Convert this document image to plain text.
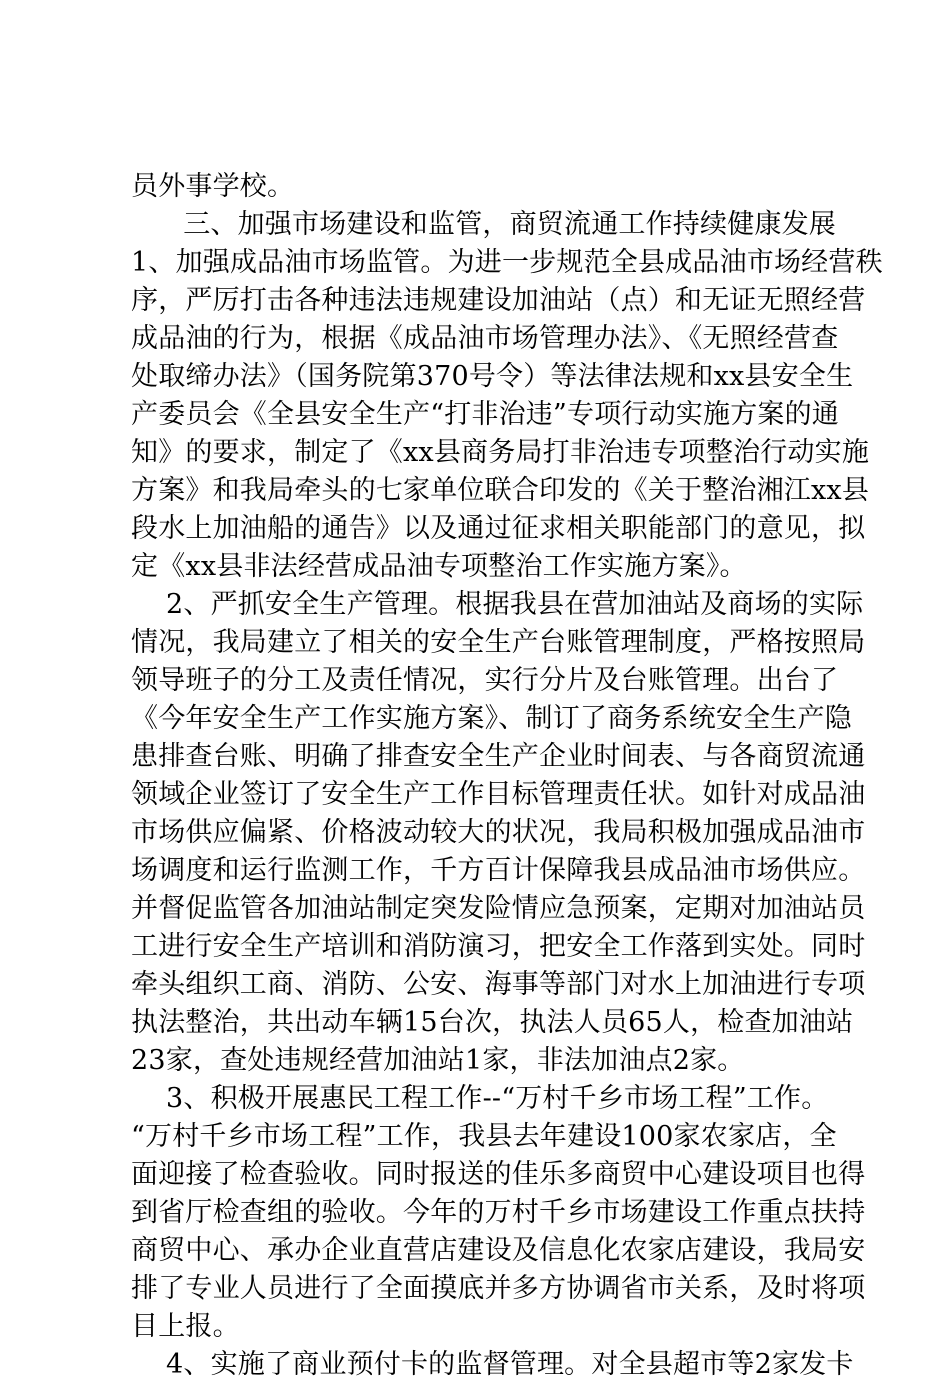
员外事学校。
　三、加强市场建设和监管，商贸流通工作持续健康发展
1、加强成品油市场监管。为进一步规范全县成品油市场经营秩
序，严厉打击各种违法违规建设加油站（点）和无证无照经营
成品油的行为，根据《成品油市场管理办法》、《无照经营查
处取缔办法》（国务院第370号令）等法律法规和xx县安全生
产委员会《全县安全生产“打非治违”专项行动实施方案的通
知》的要求，制定了《xx县商务局打非治违专项整治行动实施
方案》和我局牵头的七家单位联合印发的《关于整治湘江xx县
段水上加油船的通告》以及通过征求相关职能部门的意见，拟
定《xx县非法经营成品油专项整治工作实施方案》。
2、严抓安全生产管理。根据我县在营加油站及商场的实际
情况，我局建立了相关的安全生产台账管理制度，严格按照局
领导班子的分工及责任情况，实行分片及台账管理。出台了
《今年安全生产工作实施方案》、制订了商务系统安全生产隐
患排查台账、明确了排查安全生产企业时间表、与各商贸流通
领域企业签订了安全生产工作目标管理责任状。如针对成品油
市场供应偏紧、价格波动较大的状况，我局积极加强成品油市
场调度和运行监测工作，千方百计保障我县成品油市场供应。
并督促监管各加油站制定突发险情应急预案，定期对加油站员
工进行安全生产培训和消防演习，把安全工作落到实处。同时
牵头组织工商、消防、公安、海事等部门对水上加油进行专项
执法整治，共出动车辆15台次，执法人员65人，检查加油站
23家，查处违规经营加油站1家，非法加油点2家。
3、积极开展惠民工程工作--“万村千乡市场工程”工作。
“万村千乡市场工程”工作，我县去年建设100家农家店，全
面迎接了检查验收。同时报送的佳乐多商贸中心建设项目也得
到省厅检查组的验收。今年的万村千乡市场建设工作重点扶持
商贸中心、承办企业直营店建设及信息化农家店建设，我局安
排了专业人员进行了全面摸底并多方协调省市关系，及时将项
目上报。
4、实施了商业预付卡的监督管理。对全县超市等2家发卡
